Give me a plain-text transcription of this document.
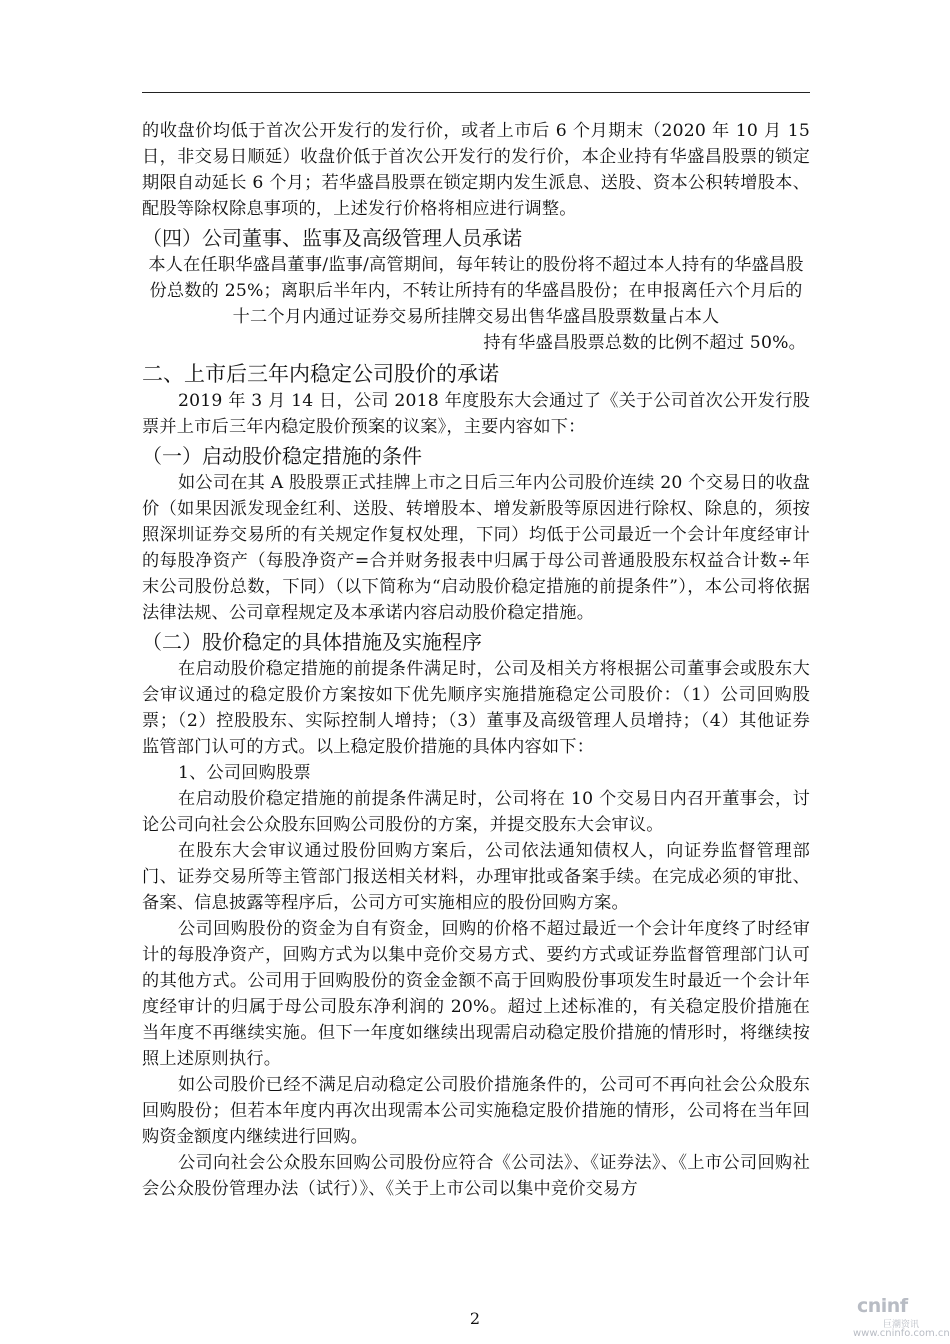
的收盘价均低于首次公开发行的发行价，或者上市后 6 个月期末（2020 年 10 月 15 日，非交易日顺延）收盘价低于首次公开发行的发行价，本企业持有华盛昌股票的锁定期限自动延长 6 个月；若华盛昌股票在锁定期内发生派息、送股、资本公积转增股本、配股等除权除息事项的，上述发行价格将相应进行调整。

（四）公司董事、监事及高级管理人员承诺

本人在任职华盛昌董事/监事/高管期间，每年转让的股份将不超过本人持有的华盛昌股份总数的 25%；离职后半年内，不转让所持有的华盛昌股份；在申报离任六个月后的十二个月内通过证券交易所挂牌交易出售华盛昌股票数量占本人

持有华盛昌股票总数的比例不超过 50%。

二、上市后三年内稳定公司股价的承诺

2019 年 3 月 14 日，公司 2018 年度股东大会通过了《关于公司首次公开发行股票并上市后三年内稳定股价预案的议案》，主要内容如下：

（一）启动股价稳定措施的条件

如公司在其 A 股股票正式挂牌上市之日后三年内公司股价连续 20 个交易日的收盘价（如果因派发现金红利、送股、转增股本、增发新股等原因进行除权、除息的，须按照深圳证券交易所的有关规定作复权处理，下同）均低于公司最近一个会计年度经审计的每股净资产（每股净资产=合并财务报表中归属于母公司普通股股东权益合计数÷年末公司股份总数，下同）（以下简称为“启动股价稳定措施的前提条件”），本公司将依据法律法规、公司章程规定及本承诺内容启动股价稳定措施。

（二）股价稳定的具体措施及实施程序

在启动股价稳定措施的前提条件满足时，公司及相关方将根据公司董事会或股东大会审议通过的稳定股价方案按如下优先顺序实施措施稳定公司股价：（1）公司回购股票；（2）控股股东、实际控制人增持；（3）董事及高级管理人员增持；（4）其他证券监管部门认可的方式。以上稳定股价措施的具体内容如下：

1、公司回购股票

在启动股价稳定措施的前提条件满足时，公司将在 10 个交易日内召开董事会，讨论公司向社会公众股东回购公司股份的方案，并提交股东大会审议。

在股东大会审议通过股份回购方案后，公司依法通知债权人，向证券监督管理部门、证券交易所等主管部门报送相关材料，办理审批或备案手续。在完成必须的审批、备案、信息披露等程序后，公司方可实施相应的股份回购方案。

公司回购股份的资金为自有资金，回购的价格不超过最近一个会计年度终了时经审计的每股净资产，回购方式为以集中竞价交易方式、要约方式或证券监督管理部门认可的其他方式。公司用于回购股份的资金金额不高于回购股份事项发生时最近一个会计年度经审计的归属于母公司股东净利润的 20%。超过上述标准的，有关稳定股价措施在当年度不再继续实施。但下一年度如继续出现需启动稳定股价措施的情形时，将继续按照上述原则执行。

如公司股价已经不满足启动稳定公司股价措施条件的，公司可不再向社会公众股东回购股份；但若本年度内再次出现需本公司实施稳定股价措施的情形，公司将在当年回购资金额度内继续进行回购。

公司向社会公众股东回购公司股份应符合《公司法》、《证券法》、《上市公司回购社会公众股份管理办法（试行）》、《关于上市公司以集中竞价交易方

2
cninf
巨潮资讯
www.cninfo.com.cn
